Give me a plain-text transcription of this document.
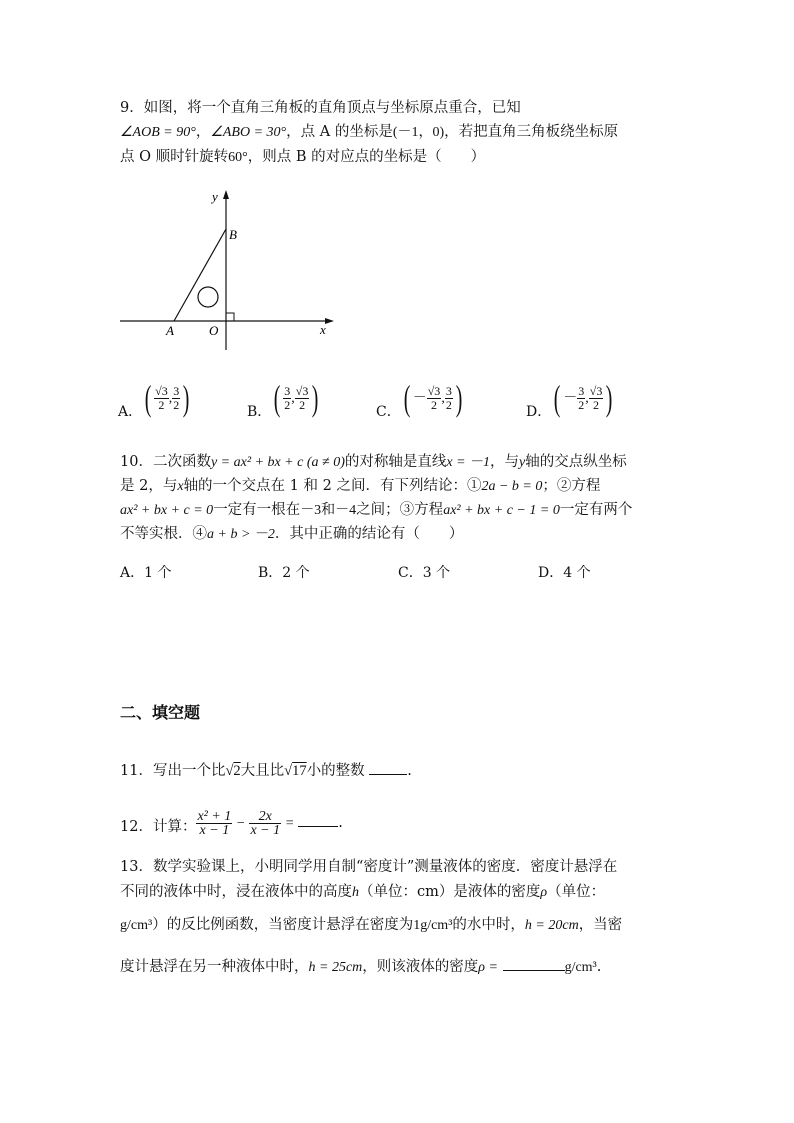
9．如图，将一个直角三角板的直角顶点与坐标原点重合，已知
∠AOB = 90°，∠ABO = 30°，点 A 的坐标是(－1，0)，若把直角三角板绕坐标原
点 O 顺时针旋转60°，则点 B 的对应点的坐标是（　　）
y
B
x
A	O
A．( $\frac{√3}{2}$ , $\frac{3}{2}$ )	B．( $\frac{3}{2}$ , $\frac{√3}{2}$ )	C．( － $\frac{√3}{2}$ , $\frac{3}{2}$ )	D．( － $\frac{3}{2}$ , $\frac{√3}{2}$ )
10．二次函数y = ax² + bx + c (a ≠ 0)的对称轴是直线x = －1，与y轴的交点纵坐标
是 2，与x轴的一个交点在 1 和 2 之间．有下列结论：①2a − b = 0；②方程
ax² + bx + c = 0一定有一根在－3和－4之间；③方程ax² + bx + c − 1 = 0一定有两个
不等实根．④a + b > －2．其中正确的结论有（　　）
A．1 个	B．2 个	C．3 个	D．4 个
二、填空题
11．写出一个比√2大且比√17小的整数	.
12．计算： $\frac{\text{x² + 1}}{x - 1} - \frac{2x}{x - 1}$ =	.
13．数学实验课上，小明同学用自制“密度计”测量液体的密度．密度计悬浮在
不同的液体中时，浸在液体中的高度h（单位：cm）是液体的密度ρ（单位：
g/cm³）的反比例函数，当密度计悬浮在密度为1g/cm³的水中时，h = 20cm，当密
度计悬浮在另一种液体中时，h = 25cm，则该液体的密度ρ =	g/cm³.
